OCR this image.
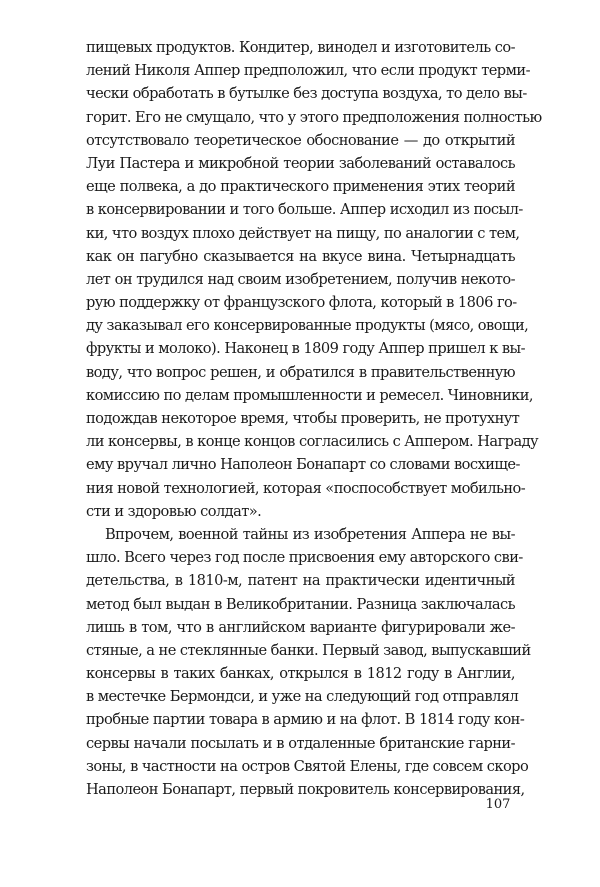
пищевых продуктов. Кондитер, винодел и изготовитель со-
лений Николя Аппер предположил, что если продукт терми-
чески обработать в бутылке без доступа воздуха, то дело вы-
горит. Его не смущало, что у этого предположения полностью
отсутствовало теоретическое обоснование — до открытий
Луи Пастера и микробной теории заболеваний оставалось
еще полвека, а до практического применения этих теорий
в консервировании и того больше. Аппер исходил из посыл-
ки, что воздух плохо действует на пищу, по аналогии с тем,
как он пагубно сказывается на вкусе вина. Четырнадцать
лет он трудился над своим изобретением, получив некото-
рую поддержку от французского флота, который в 1806 го-
ду заказывал его консервированные продукты (мясо, овощи,
фрукты и молоко). Наконец в 1809 году Аппер пришел к вы-
воду, что вопрос решен, и обратился в правительственную
комиссию по делам промышленности и ремесел. Чиновники,
подождав некоторое время, чтобы проверить, не протухнут
ли консервы, в конце концов согласились с Аппером. Награду
ему вручал лично Наполеон Бонапарт со словами восхище-
ния новой технологией, которая «поспособствует мобильно-
сти и здоровью солдат».
Впрочем, военной тайны из изобретения Аппера не вы-
шло. Всего через год после присвоения ему авторского сви-
детельства, в 1810-м, патент на практически идентичный
метод был выдан в Великобритании. Разница заключалась
лишь в том, что в английском варианте фигурировали же-
стяные, а не стеклянные банки. Первый завод, выпускавший
консервы в таких банках, открылся в 1812 году в Англии,
в местечке Бермондси, и уже на следующий год отправлял
пробные партии товара в армию и на флот. В 1814 году кон-
сервы начали посылать и в отдаленные британские гарни-
зоны, в частности на остров Святой Елены, где совсем скоро
Наполеон Бонапарт, первый покровитель консервирования,
107
